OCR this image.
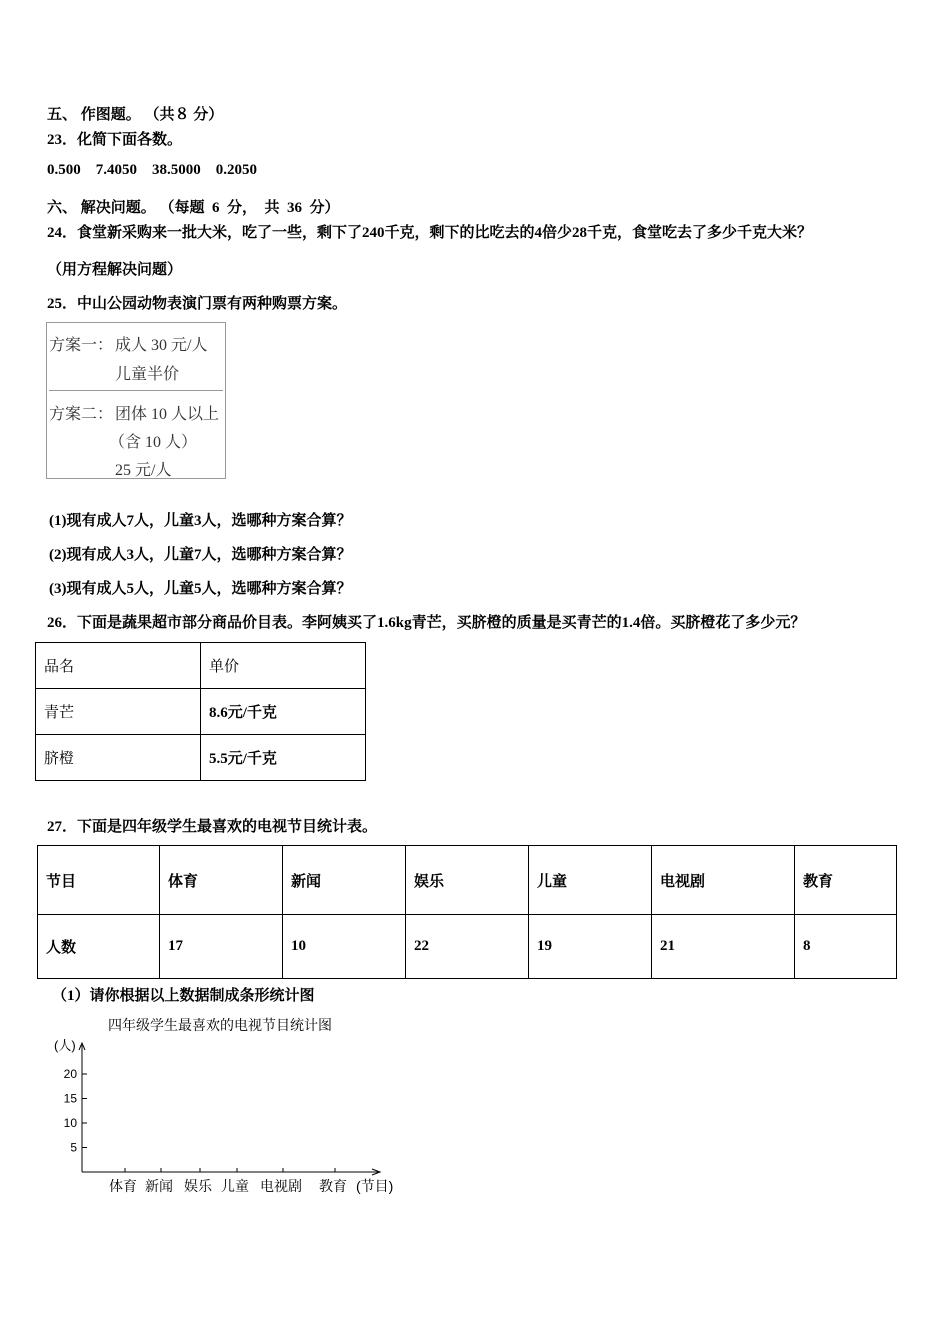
五、 作图题。 （共８ 分）
23．化简下面各数。
0.500    7.4050    38.5000    0.2050
六、 解决问题。 （每题  6  分，  共  36  分）
24．食堂新采购来一批大米，吃了一些，剩下了240千克，剩下的比吃去的4倍少28千克，食堂吃去了多少千克大米？
（用方程解决问题）
25．中山公园动物表演门票有两种购票方案。
方案一： 成人 30 元/人
儿童半价
方案二： 团体 10 人以上
（含 10 人）
25 元/人
(1)现有成人7人，儿童3人，选哪种方案合算？
(2)现有成人3人，儿童7人，选哪种方案合算？
(3)现有成人5人，儿童5人，选哪种方案合算？
26．下面是蔬果超市部分商品价目表。李阿姨买了1.6kg青芒，买脐橙的质量是买青芒的1.4倍。买脐橙花了多少元？
品名	单价
青芒	8.6元/千克
脐橙	5.5元/千克
27．下面是四年级学生最喜欢的电视节目统计表。
节目	体育	新闻	娱乐	儿童	电视剧	教育
人数	17	10	22	19	21	8
（1）请你根据以上数据制成条形统计图
四年级学生最喜欢的电视节目统计图
(人)
5
10
15
20
体育 新闻 娱乐 儿童 电视剧 教育 (节目)
